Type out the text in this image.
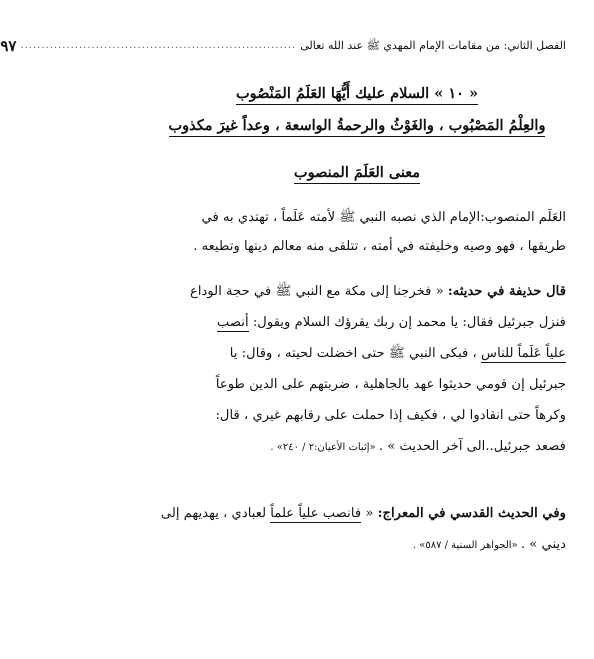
الفصل الثاني: من مقامات الإمام المهدي ﷺ عند الله تعالى
..................................................................
٩٧
« ١٠ » السلام عليك أَيُّهَا العَلَمُ المَنْصُوب
والعِلْمُ المَصْبُوب ، والغَوْثُ والرحمةُ الواسعة ، وعداً غيرَ مكذوب
معنى العَلَمَ المنصوب
العَلَم المنصوب:الإمام الذي نصبه النبي ﷺ لأمته عَلَماً ، تهتدي به في
طريقها ، فهو وصيه وخليفته في أمته ، تتلقى منه معالم دينها وتطيعه .
قال حذيفة في حديثه: « فخرجنا إلى مكة مع النبي ﷺ في حجة الوداع
فنزل جبرئيل فقال: يا محمد إن ربك يقرؤك السلام ويقول: أنصب
علياً عَلَماً للناس ، فبكى النبي ﷺ حتى اخضلت لحيته ، وقال: يا
جبرئيل إن قومي حديثوا عهد بالجاهلية ، ضربتهم على الدين طوعاً
وكرهاً حتى انقادوا لي ، فكيف إذا حملت على رقابهم غيري ، قال:
فصعد جبرئيل..الى آخر الحديث » . «إثبات الأعيان:٢ / ٢٤٠» .
وفي الحديث القدسي في المعراج: « فانصب علياً علماً لعبادي ، يهديهم إلى
ديني » . «الجواهر السنية / ٥٨٧» .
